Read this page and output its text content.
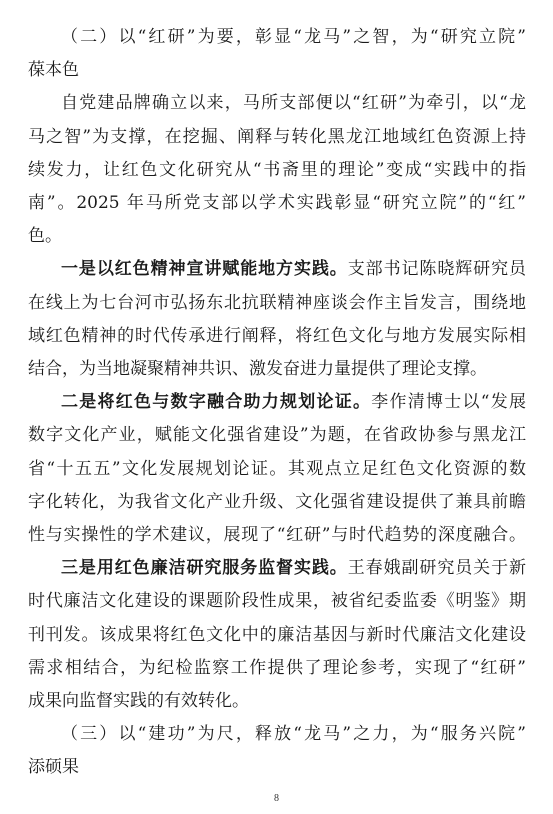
（二）以“红研”为要，彰显“龙马”之智，为“研究立院”
葆本色
自党建品牌确立以来，马所支部便以“红研”为牵引，以“龙
马之智”为支撑，在挖掘、阐释与转化黑龙江地域红色资源上持
续发力，让红色文化研究从“书斋里的理论”变成“实践中的指
南”。2025 年马所党支部以学术实践彰显“研究立院”的“红”
色。
一是以红色精神宣讲赋能地方实践。支部书记陈晓辉研究员
在线上为七台河市弘扬东北抗联精神座谈会作主旨发言，围绕地
域红色精神的时代传承进行阐释，将红色文化与地方发展实际相
结合，为当地凝聚精神共识、激发奋进力量提供了理论支撑。
二是将红色与数字融合助力规划论证。李作清博士以“发展
数字文化产业，赋能文化强省建设”为题，在省政协参与黑龙江
省“十五五”文化发展规划论证。其观点立足红色文化资源的数
字化转化，为我省文化产业升级、文化强省建设提供了兼具前瞻
性与实操性的学术建议，展现了“红研”与时代趋势的深度融合。
三是用红色廉洁研究服务监督实践。王春娥副研究员关于新
时代廉洁文化建设的课题阶段性成果，被省纪委监委《明鉴》期
刊刊发。该成果将红色文化中的廉洁基因与新时代廉洁文化建设
需求相结合，为纪检监察工作提供了理论参考，实现了“红研”
成果向监督实践的有效转化。
（三）以“建功”为尺，释放“龙马”之力，为“服务兴院”
8
添硕果
